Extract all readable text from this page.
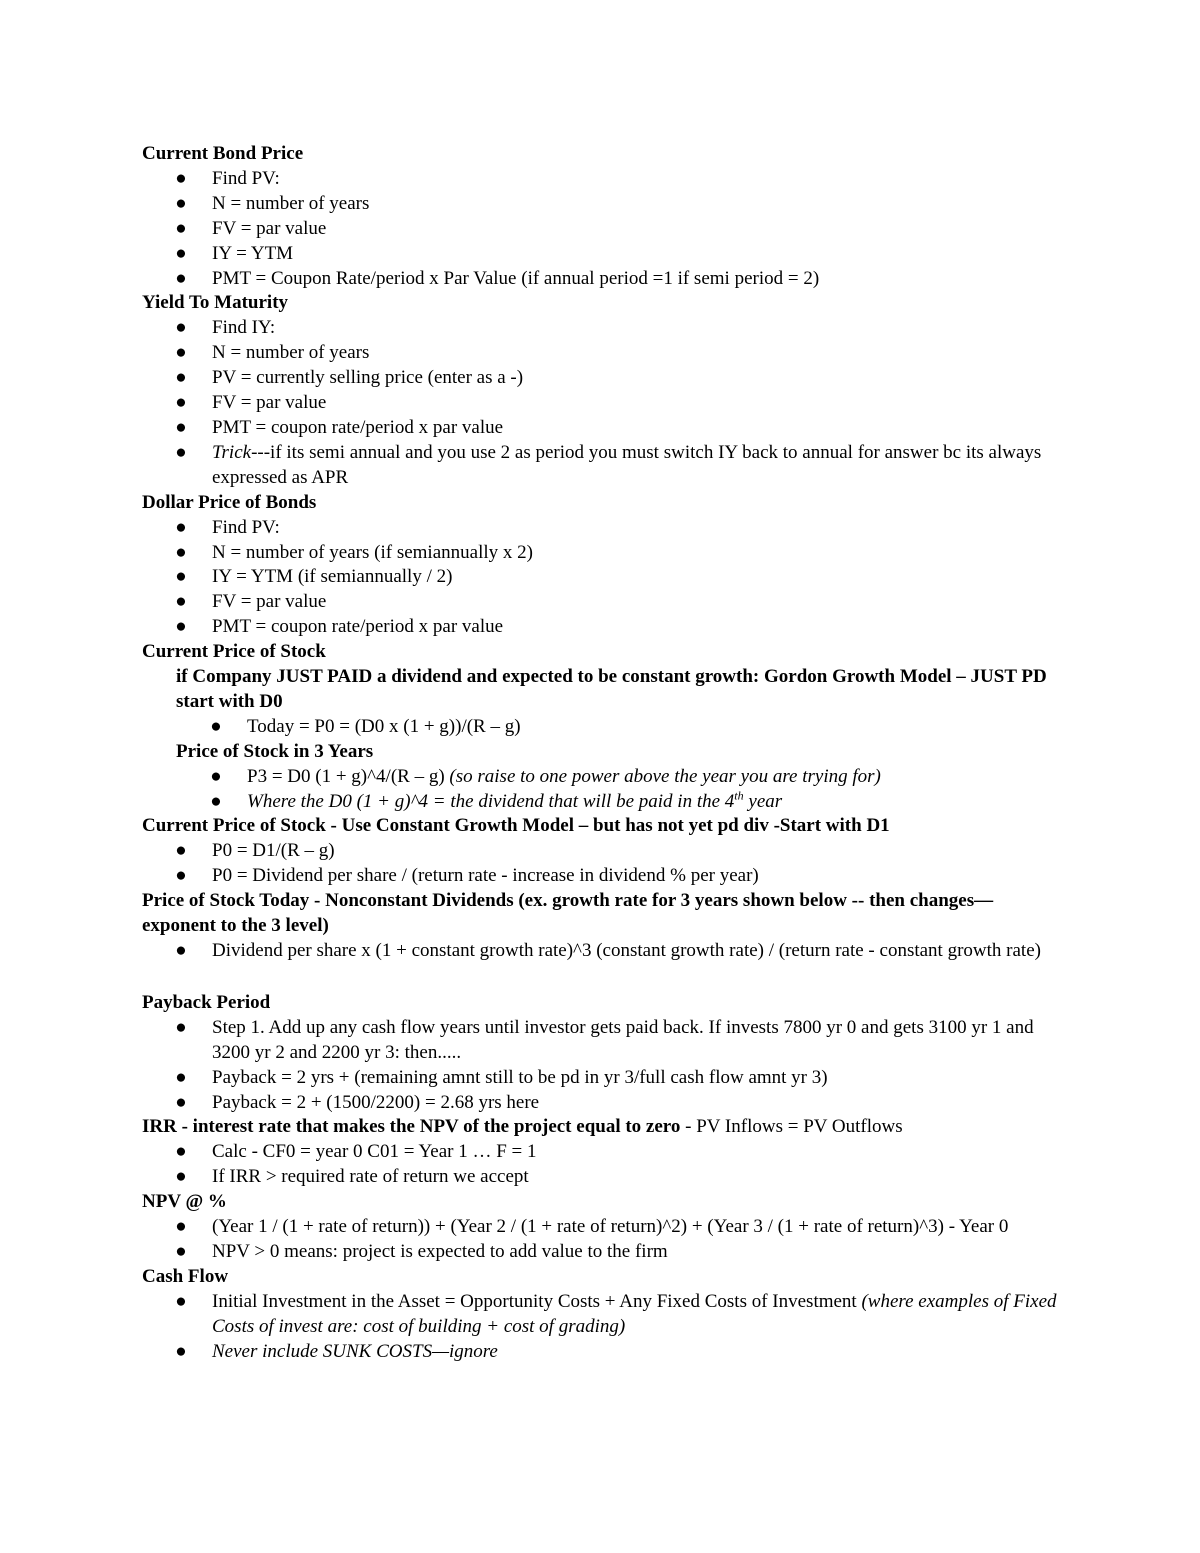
Current Bond Price

● Find PV:
● N = number of years
● FV = par value
● IY = YTM
● PMT = Coupon Rate/period x Par Value (if annual period =1 if semi period = 2)

Yield To Maturity

● Find IY:
● N = number of years
● PV = currently selling price (enter as a -)
● FV = par value
● PMT = coupon rate/period x par value
● Trick---if its semi annual and you use 2 as period you must switch IY back to annual for answer bc its always expressed as APR

Dollar Price of Bonds

● Find PV:
● N = number of years (if semiannually x 2)
● IY = YTM (if semiannually / 2)
● FV = par value
● PMT = coupon rate/period x par value

Current Price of Stock

if Company JUST PAID a dividend and expected to be constant growth: Gordon Growth Model – JUST PD start with D0

● Today = P0 = (D0 x (1 + g))/(R – g)

Price of Stock in 3 Years

● P3 = D0 (1 + g)^4/(R – g) (so raise to one power above the year you are trying for)
● Where the D0 (1 + g)^4 = the dividend that will be paid in the 4th year

Current Price of Stock - Use Constant Growth Model – but has not yet pd div -Start with D1

● P0 = D1/(R – g)
● P0 = Dividend per share / (return rate - increase in dividend % per year)

Price of Stock Today - Nonconstant Dividends (ex. growth rate for 3 years shown below -- then changes—exponent to the 3 level)

● Dividend per share x (1 + constant growth rate)^3 (constant growth rate) / (return rate - constant growth rate)

Payback Period

● Step 1. Add up any cash flow years until investor gets paid back. If invests 7800 yr 0 and gets 3100 yr 1 and 3200 yr 2 and 2200 yr 3: then.....
● Payback = 2 yrs + (remaining amnt still to be pd in yr 3/full cash flow amnt yr 3)
● Payback = 2 + (1500/2200) = 2.68 yrs here

IRR - interest rate that makes the NPV of the project equal to zero - PV Inflows = PV Outflows

● Calc - CF0 = year 0 C01 = Year 1 … F = 1
● If IRR > required rate of return we accept

NPV @ %

● (Year 1 / (1 + rate of return)) + (Year 2 / (1 + rate of return)^2) + (Year 3 / (1 + rate of return)^3) - Year 0
● NPV > 0 means: project is expected to add value to the firm

Cash Flow

● Initial Investment in the Asset = Opportunity Costs + Any Fixed Costs of Investment (where examples of Fixed Costs of invest are: cost of building + cost of grading)
● Never include SUNK COSTS—ignore
